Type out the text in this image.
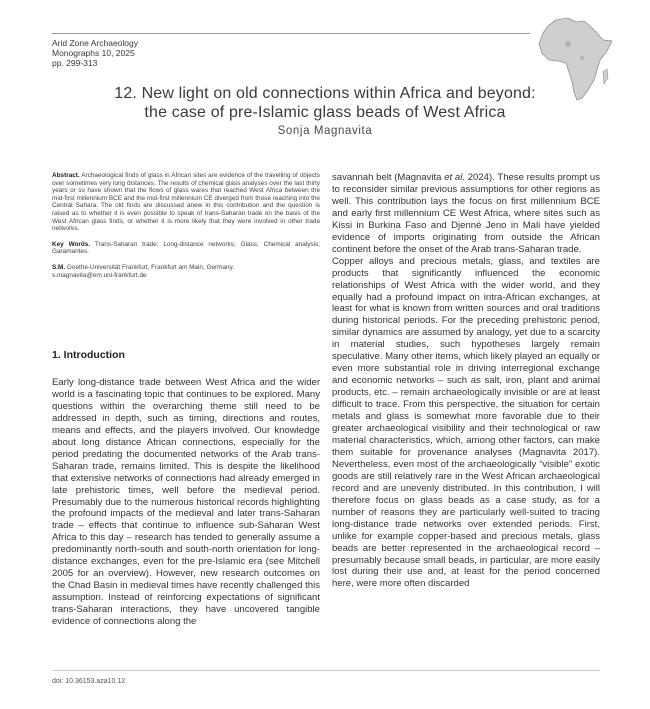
Arid Zone Archaeology
Monographs 10, 2025
pp. 299-313
12. New light on old connections within Africa and beyond:
the case of pre-Islamic glass beads of West Africa
Sonja Magnavita
Abstract. Archaeological finds of glass in African sites are evidence of the travelling of objects over sometimes very long distances. The results of chemical glass analyses over the last thirty years or so have shown that the flows of glass wares that reached West Africa between the mid-first millennium BCE and the mid-first millennium CE diverged from those reaching into the Central Sahara. The old finds are discussed anew in this contribution and the question is raised as to whether it is even possible to speak of trans-Saharan trade on the basis of the West African glass finds, or whether it is more likely that they were involved in other trade networks.
Key Words. Trans-Saharan trade; Long-distance networks; Glass; Chemical analysis; Garamantes.
S.M. Goethe-Universität Frankfurt, Frankfurt am Main, Germany.
s.magnavita@em.uni-frankfurt.de
1. Introduction

Early long-distance trade between West Africa and the wider world is a fascinating topic that continues to be explored. Many questions within the overarching theme still need to be addressed in depth, such as timing, directions and routes, means and effects, and the players involved. Our knowledge about long distance African connections, especially for the period predating the documented networks of the Arab trans-Saharan trade, remains limited. This is despite the likelihood that extensive networks of connections had already emerged in late prehistoric times, well before the medieval period. Presumably due to the numerous historical records highlighting the profound impacts of the medieval and later trans-Saharan trade – effects that continue to influence sub-Saharan West Africa to this day – research has tended to generally assume a predominantly north-south and south-north orientation for long-distance exchanges, even for the pre-Islamic era (see Mitchell 2005 for an overview). However, new research outcomes on the Chad Basin in medieval times have recently challenged this assumption. Instead of reinforcing expectations of significant trans-Saharan interactions, they have uncovered tangible evidence of connections along the

savannah belt (Magnavita et al. 2024). These results prompt us to reconsider similar previous assumptions for other regions as well. This contribution lays the focus on first millennium BCE and early first millennium CE West Africa, where sites such as Kissi in Burkina Faso and Djenné Jeno in Mali have yielded evidence of imports originating from outside the African continent before the onset of the Arab trans-Saharan trade.

Copper alloys and precious metals, glass, and textiles are products that significantly influenced the economic relationships of West Africa with the wider world, and they equally had a profound impact on intra-African exchanges, at least for what is known from written sources and oral traditions during historical periods. For the preceding prehistoric period, similar dynamics are assumed by analogy, yet due to a scarcity in material studies, such hypotheses largely remain speculative. Many other items, which likely played an equally or even more substantial role in driving interregional exchange and economic networks – such as salt, iron, plant and animal products, etc. – remain archaeologically invisible or are at least difficult to trace. From this perspective, the situation for certain metals and glass is somewhat more favorable due to their greater archaeological visibility and their technological or raw material characteristics, which, among other factors, can make them suitable for provenance analyses (Magnavita 2017). Nevertheless, even most of the archaeologically “visible” exotic goods are still relatively rare in the West African archaeological record and are unevenly distributed. In this contribution, I will therefore focus on glass beads as a case study, as for a number of reasons they are particularly well-suited to tracing long-distance trade networks over extended periods. First, unlike for example copper-based and precious metals, glass beads are better represented in the archaeological record – presumably because small beads, in particular, are more easily lost during their use and, at least for the period concerned here, were more often discarded

doi: 10.36153.aza10.12
